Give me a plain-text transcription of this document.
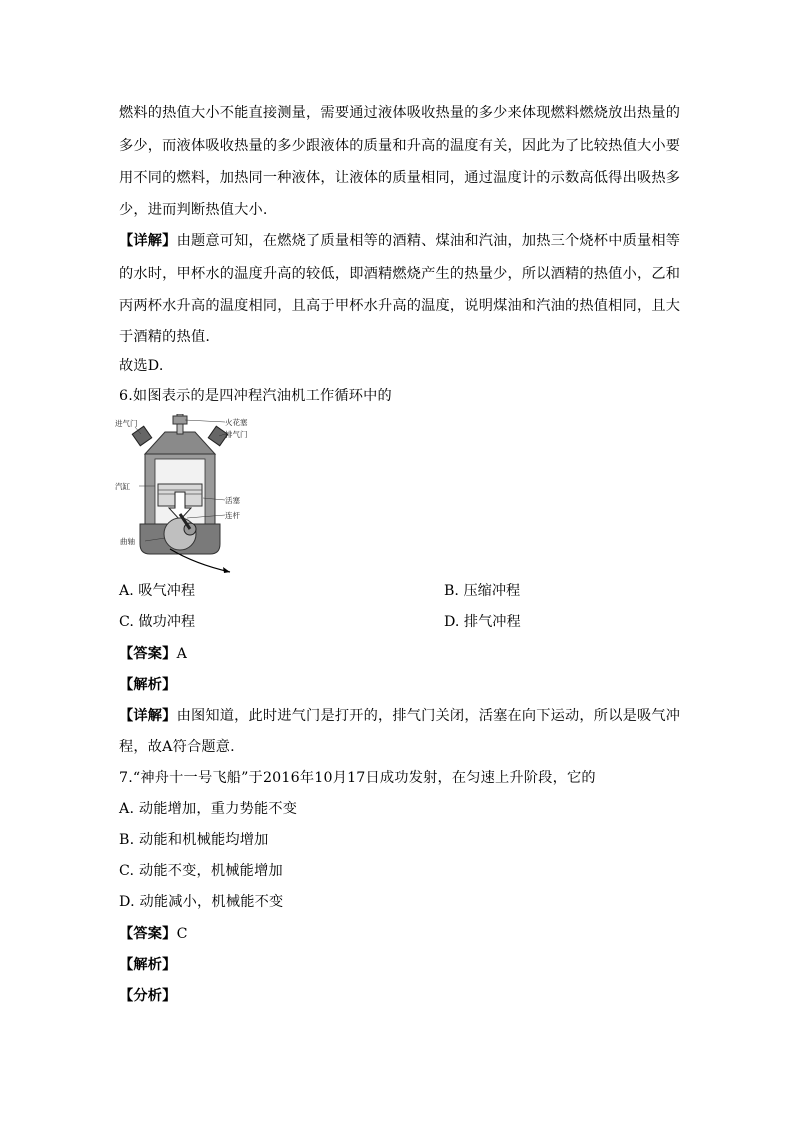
燃料的热值大小不能直接测量，需要通过液体吸收热量的多少来体现燃料燃烧放出热量的
多少，而液体吸收热量的多少跟液体的质量和升高的温度有关，因此为了比较热值大小要
用不同的燃料，加热同一种液体，让液体的质量相同，通过温度计的示数高低得出吸热多
少，进而判断热值大小.
【详解】由题意可知，在燃烧了质量相等的酒精、煤油和汽油，加热三个烧杯中质量相等
的水时，甲杯水的温度升高的较低，即酒精燃烧产生的热量少，所以酒精的热值小，乙和
丙两杯水升高的温度相同，且高于甲杯水升高的温度，说明煤油和汽油的热值相同，且大
于酒精的热值.
故选D.
6.如图表示的是四冲程汽油机工作循环中的
进气门	火花塞
排气门
汽缸
活塞
连杆
曲轴
A. 吸气冲程	B. 压缩冲程
C. 做功冲程	D. 排气冲程
【答案】A
【解析】
【详解】由图知道，此时进气门是打开的，排气门关闭，活塞在向下运动，所以是吸气冲
程，故A符合题意.
7.“神舟十一号飞船”于2016年10月17日成功发射，在匀速上升阶段，它的
A. 动能增加，重力势能不变
B. 动能和机械能均增加
C. 动能不变，机械能增加
D. 动能减小，机械能不变
【答案】C
【解析】
【分析】
